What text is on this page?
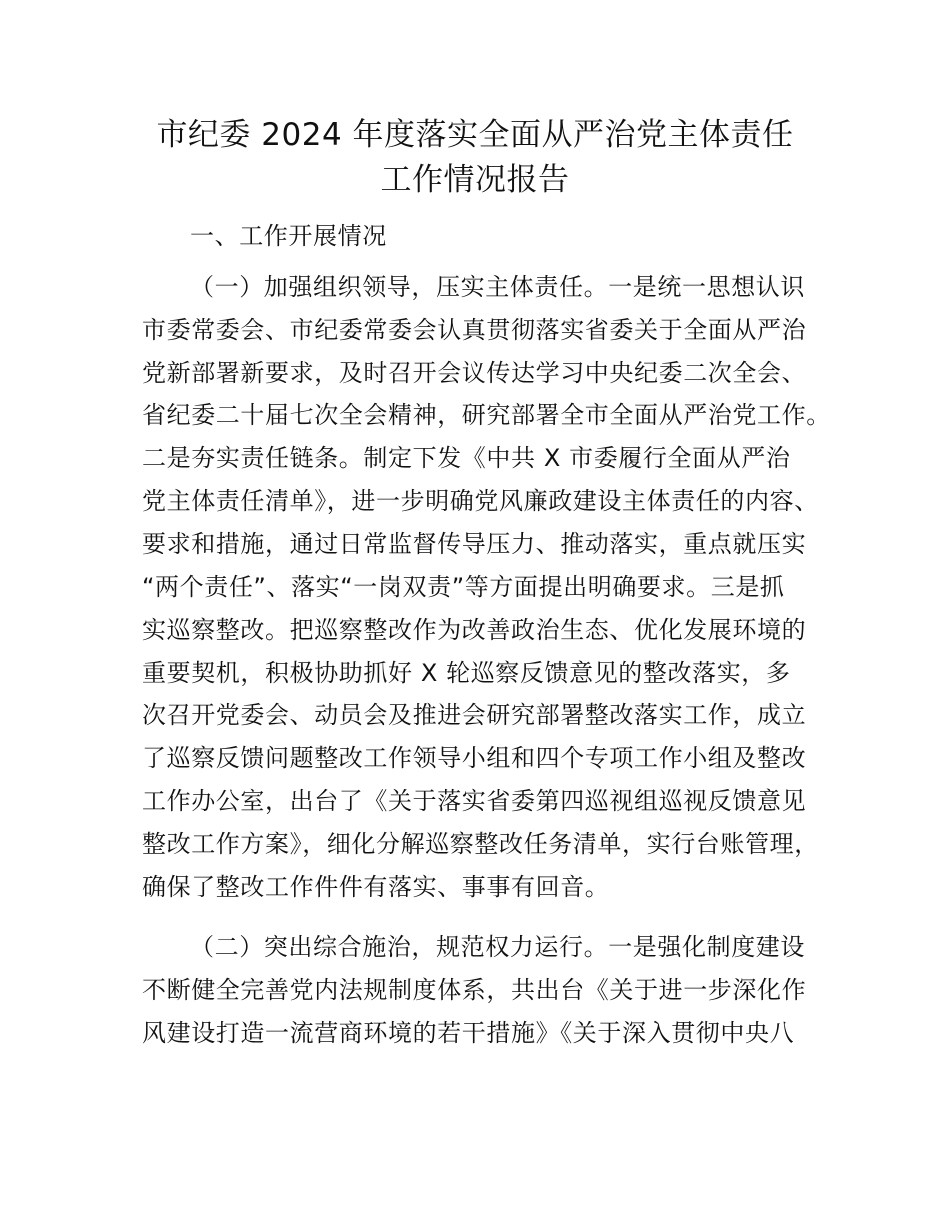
市纪委 2024 年度落实全面从严治党主体责任
工作情况报告
一、工作开展情况
（一）加强组织领导，压实主体责任。一是统一思想认识
市委常委会、市纪委常委会认真贯彻落实省委关于全面从严治
党新部署新要求，及时召开会议传达学习中央纪委二次全会、
省纪委二十届七次全会精神，研究部署全市全面从严治党工作。
二是夯实责任链条。制定下发《中共 X 市委履行全面从严治
党主体责任清单》，进一步明确党风廉政建设主体责任的内容、
要求和措施，通过日常监督传导压力、推动落实，重点就压实
“两个责任”、落实“一岗双责”等方面提出明确要求。三是抓
实巡察整改。把巡察整改作为改善政治生态、优化发展环境的
重要契机，积极协助抓好 X 轮巡察反馈意见的整改落实，多
次召开党委会、动员会及推进会研究部署整改落实工作，成立
了巡察反馈问题整改工作领导小组和四个专项工作小组及整改
工作办公室，出台了《关于落实省委第四巡视组巡视反馈意见
整改工作方案》，细化分解巡察整改任务清单，实行台账管理，
确保了整改工作件件有落实、事事有回音。
（二）突出综合施治，规范权力运行。一是强化制度建设
不断健全完善党内法规制度体系，共出台《关于进一步深化作
风建设打造一流营商环境的若干措施》《关于深入贯彻中央八
